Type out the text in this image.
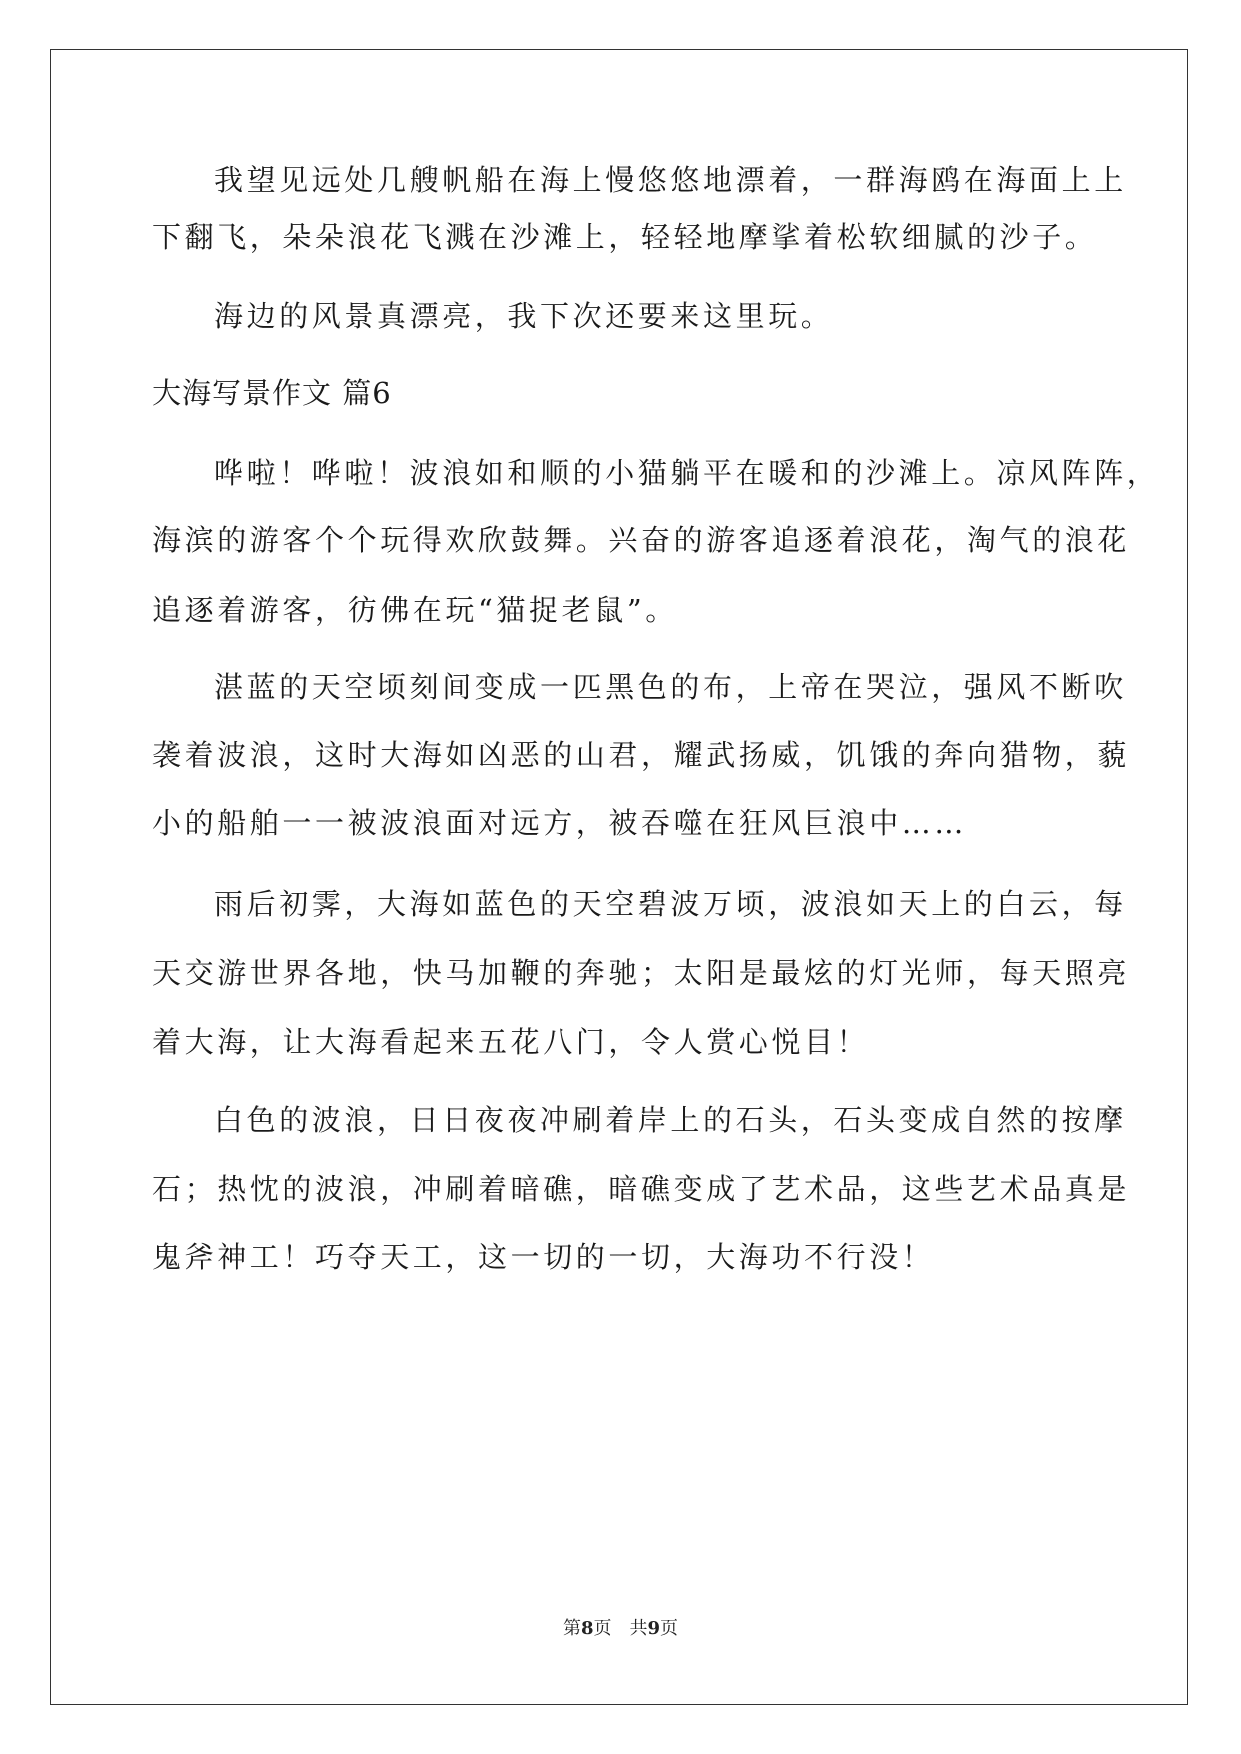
我望见远处几艘帆船在海上慢悠悠地漂着，一群海鸥在海面上上
下翻飞，朵朵浪花飞溅在沙滩上，轻轻地摩挲着松软细腻的沙子。
海边的风景真漂亮，我下次还要来这里玩。
大海写景作文 篇6
哗啦！哗啦！波浪如和顺的小猫躺平在暖和的沙滩上。凉风阵阵，
海滨的游客个个玩得欢欣鼓舞。兴奋的游客追逐着浪花，淘气的浪花
追逐着游客，彷佛在玩“猫捉老鼠”。
湛蓝的天空顷刻间变成一匹黑色的布，上帝在哭泣，强风不断吹
袭着波浪，这时大海如凶恶的山君，耀武扬威，饥饿的奔向猎物，藐
小的船舶一一被波浪面对远方，被吞噬在狂风巨浪中……
雨后初霁，大海如蓝色的天空碧波万顷，波浪如天上的白云，每
天交游世界各地，快马加鞭的奔驰；太阳是最炫的灯光师，每天照亮
着大海，让大海看起来五花八门，令人赏心悦目！
白色的波浪，日日夜夜冲刷着岸上的石头，石头变成自然的按摩
石；热忱的波浪，冲刷着暗礁，暗礁变成了艺术品，这些艺术品真是
鬼斧神工！巧夺天工，这一切的一切，大海功不行没！
第8页　共9页
